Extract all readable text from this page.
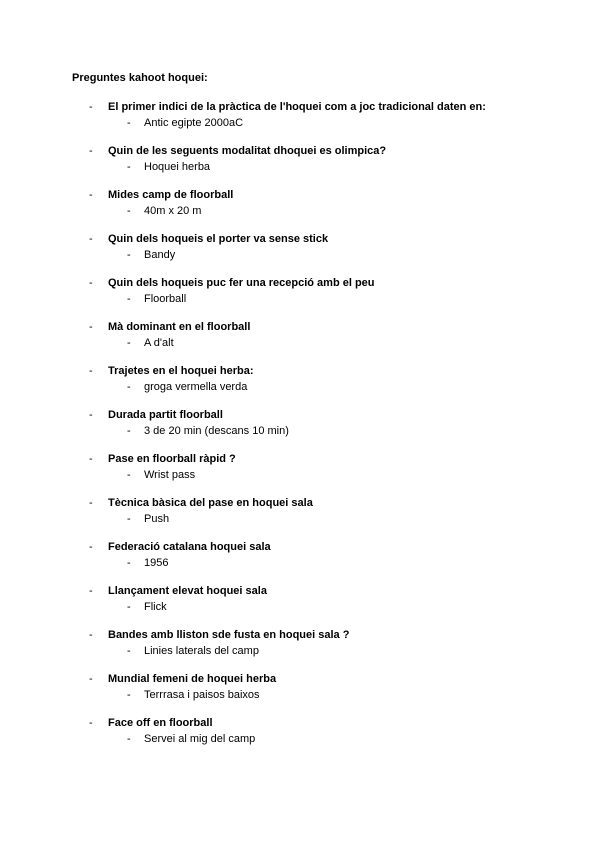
Preguntes kahoot hoquei:
- El primer indici de la pràctica de l'hoquei com a joc tradicional daten en:
- Antic egipte 2000aC
- Quin de les seguents modalitat dhoquei es olimpica?
- Hoquei herba
- Mides camp de floorball
- 40m x 20 m
- Quin dels hoqueis el porter va sense stick
- Bandy
- Quin dels hoqueis puc fer una recepció amb el peu
- Floorball
- Mà dominant en el floorball
- A d'alt
- Trajetes en el hoquei herba:
- groga vermella verda
- Durada partit floorball
- 3 de 20 min (descans 10 min)
- Pase en floorball ràpid ?
- Wrist pass
- Tècnica bàsica del pase en hoquei sala
- Push
- Federació catalana hoquei sala
- 1956
- Llançament elevat hoquei sala
- Flick
- Bandes amb lliston sde fusta en hoquei sala ?
- Linies laterals del camp
- Mundial femeni de hoquei herba
- Terrrasa i paisos baixos
- Face off en floorball
- Servei al mig del camp
